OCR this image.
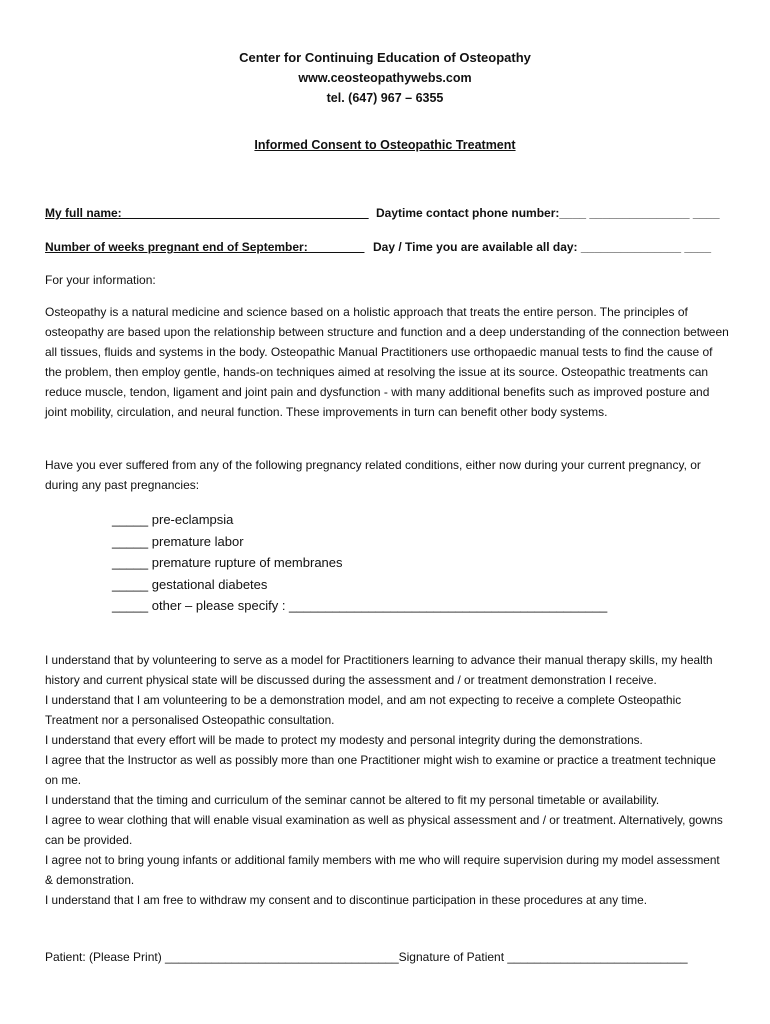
Center for Continuing Education of Osteopathy
www.ceosteopathywebs.com
tel. (647) 967 – 6355
Informed Consent to Osteopathic Treatment
My full name:_______________ ______ _______________ Daytime contact phone number:____ _______________ ____
Number of weeks pregnant end of September: ________ Day / Time you are available all day: _______________ ____
For your information:
Osteopathy is a natural medicine and science based on a holistic approach that treats the entire person. The principles of osteopathy are based upon the relationship between structure and function and a deep understanding of the connection between all tissues, fluids and systems in the body. Osteopathic Manual Practitioners use orthopaedic manual tests to find the cause of the problem, then employ gentle, hands-on techniques aimed at resolving the issue at its source. Osteopathic treatments can reduce muscle, tendon, ligament and joint pain and dysfunction - with many additional benefits such as improved posture and joint mobility, circulation, and neural function. These improvements in turn can benefit other body systems.
Have you ever suffered from any of the following pregnancy related conditions, either now during your current pregnancy, or during any past pregnancies:
_____ pre-eclampsia
_____ premature labor
_____ premature rupture of membranes
_____ gestational diabetes
_____ other – please specify : ____________________________________________

I understand that by volunteering to serve as a model for Practitioners learning to advance their manual therapy skills, my health history and current physical state will be discussed during the assessment and / or treatment demonstration I receive.

I understand that I am volunteering to be a demonstration model, and am not expecting to receive a complete Osteopathic Treatment nor a personalised Osteopathic consultation.

I understand that every effort will be made to protect my modesty and personal integrity during the demonstrations.

I agree that the Instructor as well as possibly more than one Practitioner might wish to examine or practice a treatment technique on me.

I understand that the timing and curriculum of the seminar cannot be altered to fit my personal timetable or availability.

I agree to wear clothing that will enable visual examination as well as physical assessment and / or treatment. Alternatively, gowns can be provided.

I agree not to bring young infants or additional family members with me who will require supervision during my model assessment & demonstration.

I understand that I am free to withdraw my consent and to discontinue participation in these procedures at any time.

Patient: (Please Print) ___________________________________Signature of Patient ___________________________
